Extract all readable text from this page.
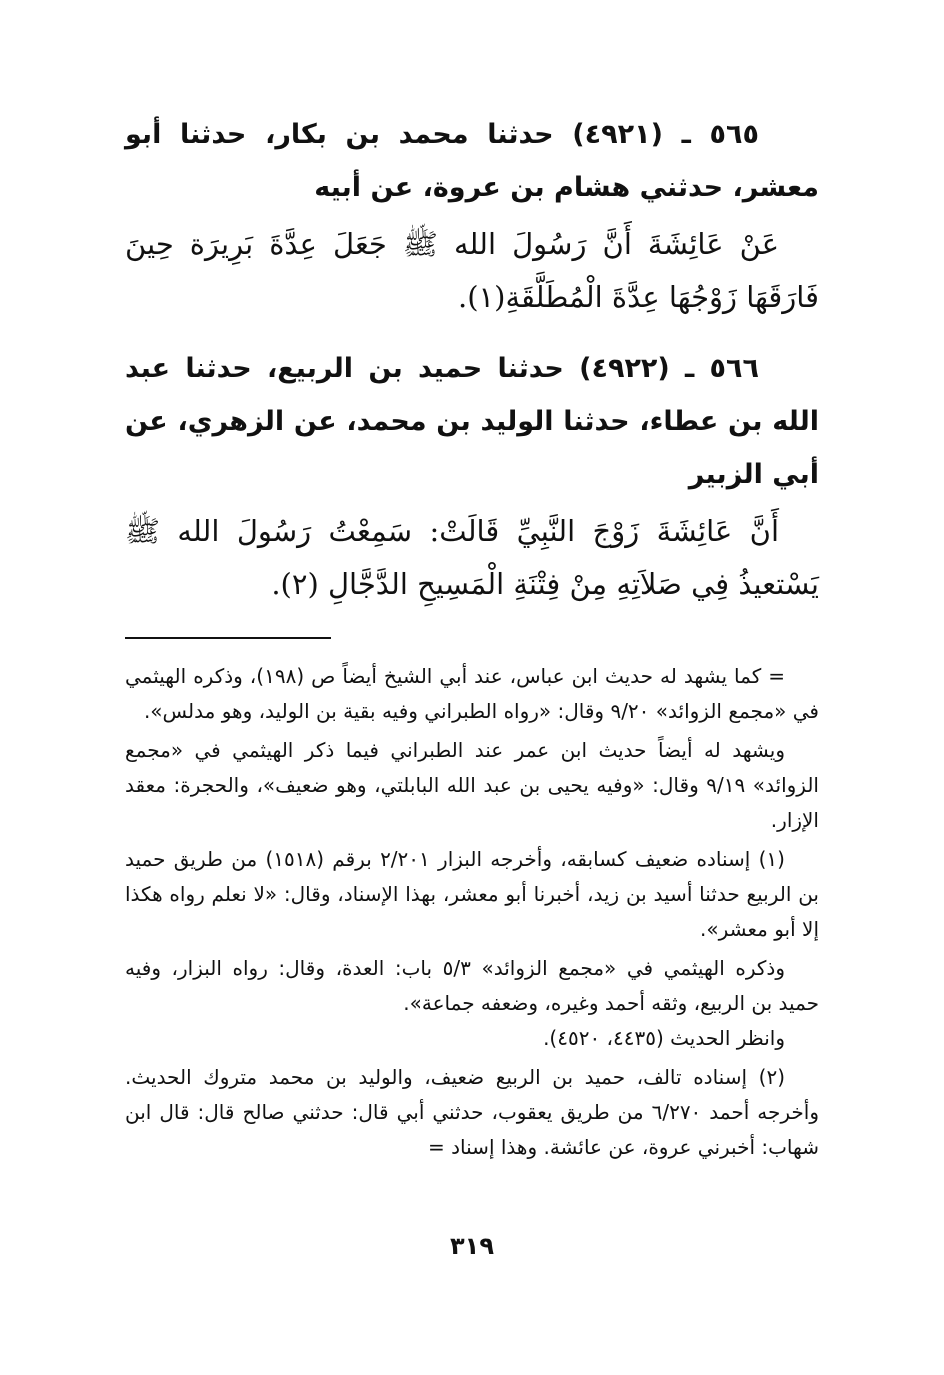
٥٦٥ ـ (٤٩٢١) حدثنا محمد بن بكار، حدثنا أبو معشر، حدثني هشام بن عروة، عن أبيه

عَنْ عَائِشَةَ أَنَّ رَسُولَ الله ﷺ جَعَلَ عِدَّةَ بَرِيرَة حِينَ فَارَقَهَا زَوْجُهَا عِدَّةَ الْمُطَلَّقَةِ(١).

٥٦٦ ـ (٤٩٢٢) حدثنا حميد بن الربيع، حدثنا عبد الله بن عطاء، حدثنا الوليد بن محمد، عن الزهري، عن أبي الزبير

أَنَّ عَائِشَةَ زَوْجَ النَّبِيِّ قَالَتْ: سَمِعْتُ رَسُولَ الله ﷺ يَسْتعيذُ فِي صَلاَتِهِ مِنْ فِتْنَةِ الْمَسِيحِ الدَّجَّالِ (٢).

= كما يشهد له حديث ابن عباس، عند أبي الشيخ أيضاً ص (١٩٨)، وذكره الهيثمي في «مجمع الزوائد» ٩/٢٠ وقال: «رواه الطبراني وفيه بقية بن الوليد، وهو مدلس».

ويشهد له أيضاً حديث ابن عمر عند الطبراني فيما ذكر الهيثمي في «مجمع الزوائد» ٩/١٩ وقال: «وفيه يحيى بن عبد الله البابلتي، وهو ضعيف»، والحجرة: معقد الإزار.

(١) إسناده ضعيف كسابقه، وأخرجه البزار ٢/٢٠١ برقم (١٥١٨) من طريق حميد بن الربيع حدثنا أسيد بن زيد، أخبرنا أبو معشر، بهذا الإسناد، وقال: «لا نعلم رواه هكذا إلا أبو معشر».

وذكره الهيثمي في «مجمع الزوائد» ٥/٣ باب: العدة، وقال: رواه البزار، وفيه حميد بن الربيع، وثقه أحمد وغيره، وضعفه جماعة».

وانظر الحديث (٤٤٣٥، ٤٥٢٠).

(٢) إسناده تالف، حميد بن الربيع ضعيف، والوليد بن محمد متروك الحديث. وأخرجه أحمد ٦/٢٧٠ من طريق يعقوب، حدثني أبي قال: حدثني صالح قال: قال ابن شهاب: أخبرني عروة، عن عائشة. وهذا إسناد =

٣١٩
